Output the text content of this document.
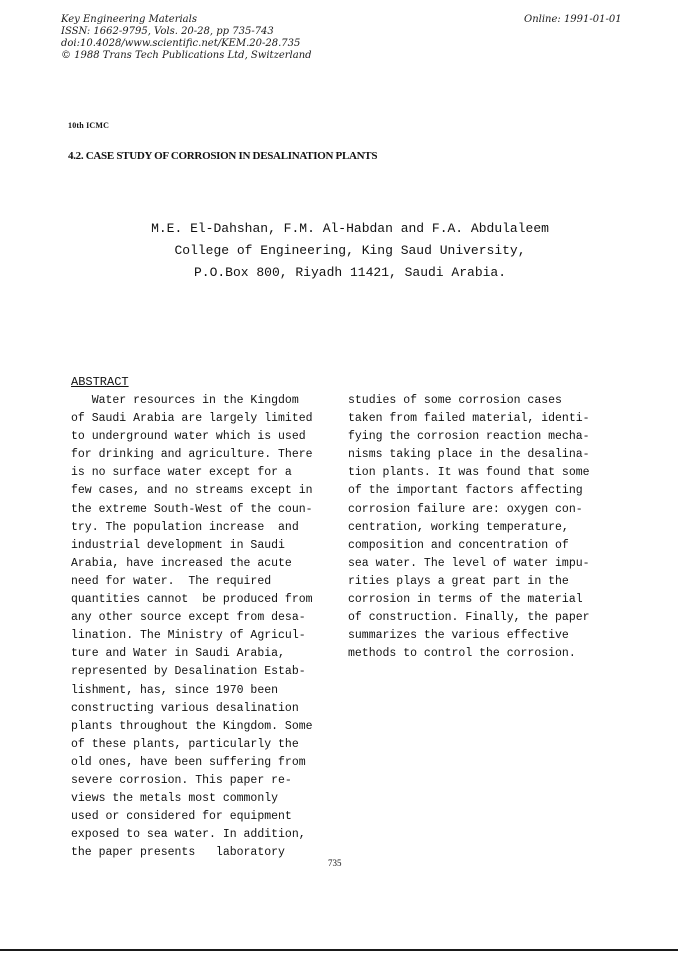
Key Engineering Materials
ISSN: 1662-9795, Vols. 20-28, pp 735-743
doi:10.4028/www.scientific.net/KEM.20-28.735
© 1988 Trans Tech Publications Ltd, Switzerland
Online: 1991-01-01
10th ICMC
4.2. CASE STUDY OF CORROSION IN DESALINATION PLANTS
M.E. El-Dahshan, F.M. Al-Habdan and F.A. Abdulaleem
College of Engineering, King Saud University,
P.O.Box 800, Riyadh 11421, Saudi Arabia.
ABSTRACT
Water resources in the Kingdom
of Saudi Arabia are largely limited
to underground water which is used
for drinking and agriculture. There
is no surface water except for a
few cases, and no streams except in
the extreme South-West of the coun-
try. The population increase  and
industrial development in Saudi
Arabia, have increased the acute
need for water.  The required
quantities cannot  be produced from
any other source except from desa-
lination. The Ministry of Agricul-
ture and Water in Saudi Arabia,
represented by Desalination Estab-
lishment, has, since 1970 been
constructing various desalination
plants throughout the Kingdom. Some
of these plants, particularly the
old ones, have been suffering from
severe corrosion. This paper re-
views the metals most commonly
used or considered for equipment
exposed to sea water. In addition,
the paper presents   laboratory
studies of some corrosion cases
taken from failed material, identi-
fying the corrosion reaction mecha-
nisms taking place in the desalina-
tion plants. It was found that some
of the important factors affecting
corrosion failure are: oxygen con-
centration, working temperature,
composition and concentration of
sea water. The level of water impu-
rities plays a great part in the
corrosion in terms of the material
of construction. Finally, the paper
summarizes the various effective
methods to control the corrosion.
735
